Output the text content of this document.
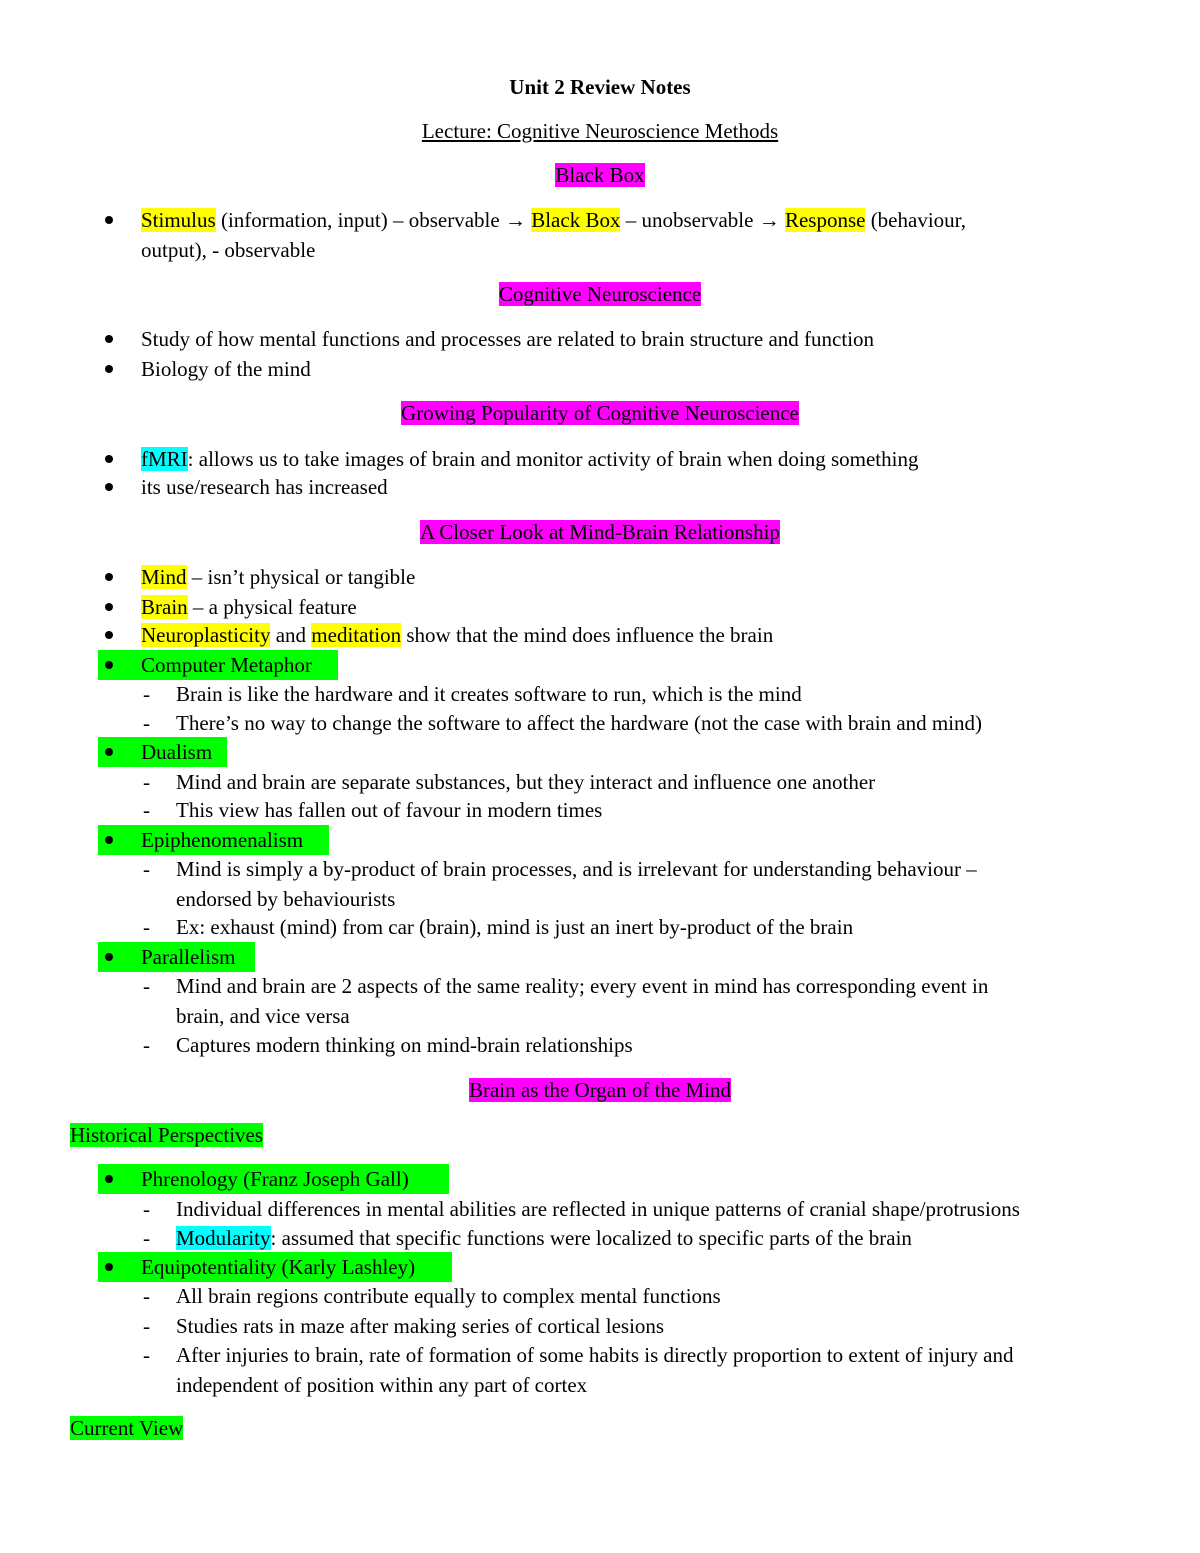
Unit 2 Review Notes

Lecture: Cognitive Neuroscience Methods

Black Box

Stimulus (information, input) – observable → Black Box – unobservable → Response (behaviour,
output), - observable

Cognitive Neuroscience

Study of how mental functions and processes are related to brain structure and function
Biology of the mind

Growing Popularity of Cognitive Neuroscience

fMRI: allows us to take images of brain and monitor activity of brain when doing something
its use/research has increased

A Closer Look at Mind-Brain Relationship

Mind – isn’t physical or tangible
Brain – a physical feature
Neuroplasticity and meditation show that the mind does influence the brain
Computer Metaphor
- Brain is like the hardware and it creates software to run, which is the mind
- There’s no way to change the software to affect the hardware (not the case with brain and mind)
Dualism
- Mind and brain are separate substances, but they interact and influence one another
- This view has fallen out of favour in modern times
Epiphenomenalism
- Mind is simply a by-product of brain processes, and is irrelevant for understanding behaviour –
endorsed by behaviourists
- Ex: exhaust (mind) from car (brain), mind is just an inert by-product of the brain
Parallelism
- Mind and brain are 2 aspects of the same reality; every event in mind has corresponding event in
brain, and vice versa
- Captures modern thinking on mind-brain relationships

Brain as the Organ of the Mind

Historical Perspectives

Phrenology (Franz Joseph Gall)
- Individual differences in mental abilities are reflected in unique patterns of cranial shape/protrusions
- Modularity: assumed that specific functions were localized to specific parts of the brain
Equipotentiality (Karly Lashley)
- All brain regions contribute equally to complex mental functions
- Studies rats in maze after making series of cortical lesions
- After injuries to brain, rate of formation of some habits is directly proportion to extent of injury and
independent of position within any part of cortex

Current View
